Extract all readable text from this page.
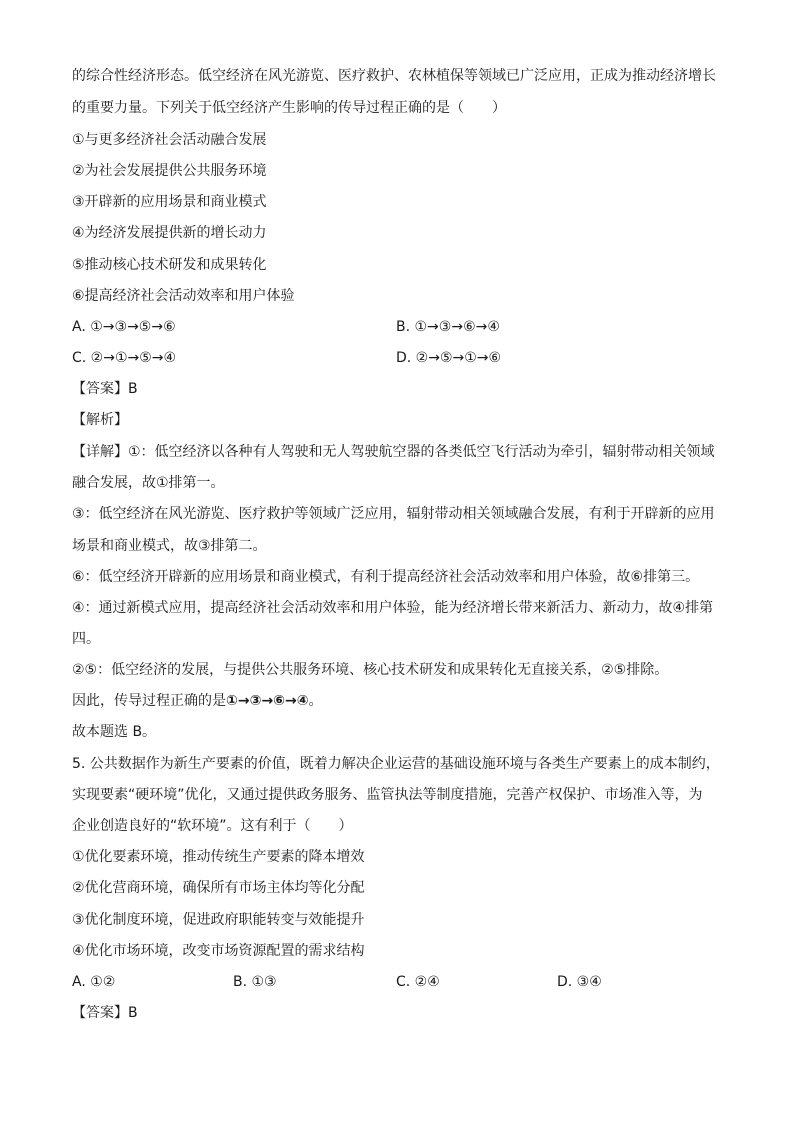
的综合性经济形态。低空经济在风光游览、医疗救护、农林植保等领域已广泛应用，正成为推动经济增长
的重要力量。下列关于低空经济产生影响的传导过程正确的是（　　）
①与更多经济社会活动融合发展
②为社会发展提供公共服务环境
③开辟新的应用场景和商业模式
④为经济发展提供新的增长动力
⑤推动核心技术研发和成果转化
⑥提高经济社会活动效率和用户体验
A. ①→③→⑤→⑥	B. ①→③→⑥→④
C. ②→①→⑤→④	D. ②→⑤→①→⑥
【答案】B
【解析】
【详解】①：低空经济以各种有人驾驶和无人驾驶航空器的各类低空飞行活动为牵引，辐射带动相关领域
融合发展，故①排第一。
③：低空经济在风光游览、医疗救护等领域广泛应用，辐射带动相关领域融合发展，有利于开辟新的应用
场景和商业模式，故③排第二。
⑥：低空经济开辟新的应用场景和商业模式，有利于提高经济社会活动效率和用户体验，故⑥排第三。
④：通过新模式应用，提高经济社会活动效率和用户体验，能为经济增长带来新活力、新动力，故④排第
四。
②⑤：低空经济的发展，与提供公共服务环境、核心技术研发和成果转化无直接关系，②⑤排除。
因此，传导过程正确的是①→③→⑥→④。
故本题选 B。
5. 公共数据作为新生产要素的价值，既着力解决企业运营的基础设施环境与各类生产要素上的成本制约，
实现要素“硬环境”优化，又通过提供政务服务、监管执法等制度措施，完善产权保护、市场准入等，为
企业创造良好的“软环境”。这有利于（　　）
①优化要素环境，推动传统生产要素的降本增效
②优化营商环境，确保所有市场主体均等化分配
③优化制度环境，促进政府职能转变与效能提升
④优化市场环境，改变市场资源配置的需求结构
A. ①②	B. ①③	C. ②④	D. ③④
【答案】B
